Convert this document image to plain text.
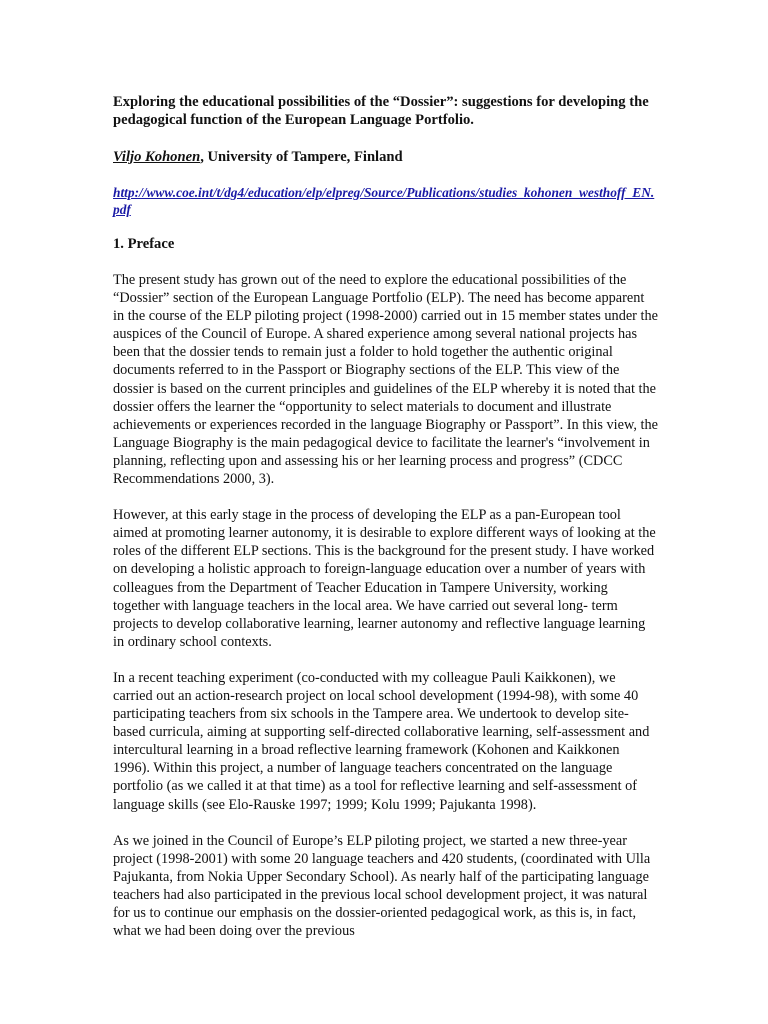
Exploring the educational possibilities of the “Dossier”: suggestions for developing the pedagogical function of the European Language Portfolio.
Viljo Kohonen, University of Tampere, Finland
http://www.coe.int/t/dg4/education/elp/elpreg/Source/Publications/studies_kohonen_westhoff_EN.pdf
1. Preface

The present study has grown out of the need to explore the educational possibilities of the “Dossier” section of the European Language Portfolio (ELP). The need has become apparent in the course of the ELP piloting project (1998-2000) carried out in 15 member states under the auspices of the Council of Europe. A shared experience among several national projects has been that the dossier tends to remain just a folder to hold together the authentic original documents referred to in the Passport or Biography sections of the ELP. This view of the dossier is based on the current principles and guidelines of the ELP whereby it is noted that the dossier offers the learner the “opportunity to select materials to document and illustrate achievements or experiences recorded in the language Biography or Passport”. In this view, the Language Biography is the main pedagogical device to facilitate the learner's “involvement in planning, reflecting upon and assessing his or her learning process and progress” (CDCC Recommendations 2000, 3).

However, at this early stage in the process of developing the ELP as a pan-European tool aimed at promoting learner autonomy, it is desirable to explore different ways of looking at the roles of the different ELP sections. This is the background for the present study. I have worked on developing a holistic approach to foreign-language education over a number of years with colleagues from the Department of Teacher Education in Tampere University, working together with language teachers in the local area. We have carried out several long- term projects to develop collaborative learning, learner autonomy and reflective language learning in ordinary school contexts.

In a recent teaching experiment (co-conducted with my colleague Pauli Kaikkonen), we carried out an action-research project on local school development (1994-98), with some 40 participating teachers from six schools in the Tampere area. We undertook to develop site- based curricula, aiming at supporting self-directed collaborative learning, self-assessment and intercultural learning in a broad reflective learning framework (Kohonen and Kaikkonen 1996). Within this project, a number of language teachers concentrated on the language portfolio (as we called it at that time) as a tool for reflective learning and self-assessment of language skills (see Elo-Rauske 1997; 1999; Kolu 1999; Pajukanta 1998).

As we joined in the Council of Europe’s ELP piloting project, we started a new three-year project (1998-2001) with some 20 language teachers and 420 students, (coordinated with Ulla Pajukanta, from Nokia Upper Secondary School). As nearly half of the participating language teachers had also participated in the previous local school development project, it was natural for us to continue our emphasis on the dossier-oriented pedagogical work, as this is, in fact, what we had been doing over the previous
